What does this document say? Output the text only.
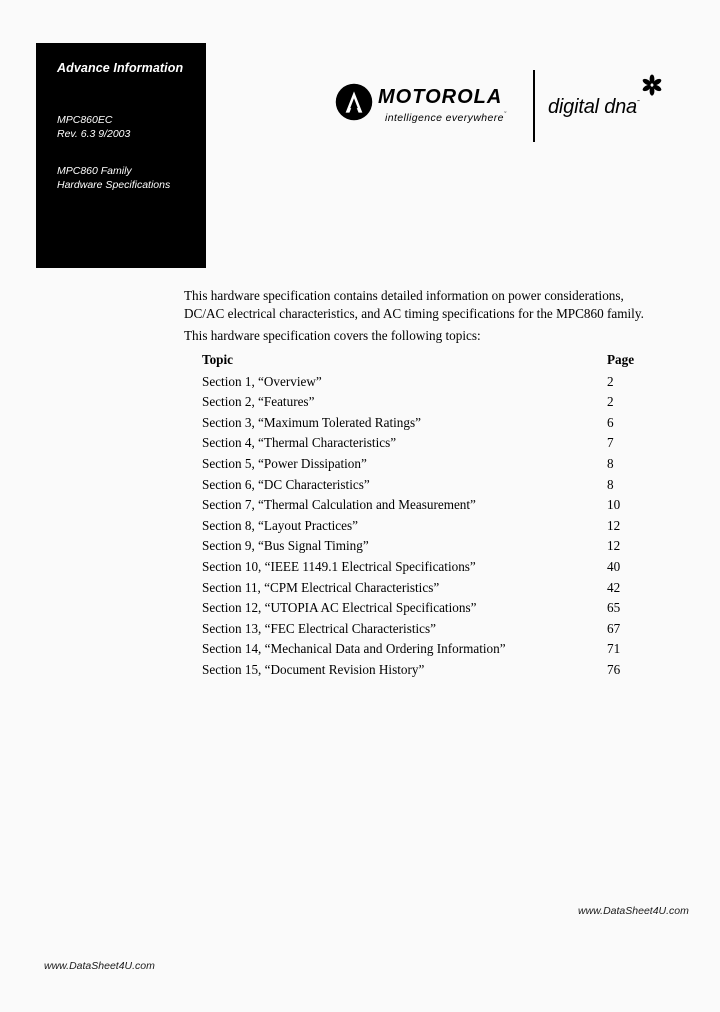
Advance Information
MPC860EC
Rev. 6.3 9/2003
MPC860 Family
Hardware Specifications
MOTOROLA
intelligence everywhere˜ digital dna˜
This hardware specification contains detailed information on power considerations, DC/AC electrical characteristics, and AC timing specifications for the MPC860 family.
This hardware specification covers the following topics:
Topic	Page
Section 1, “Overview”	2
Section 2, “Features”	2
Section 3, “Maximum Tolerated Ratings”	6
Section 4, “Thermal Characteristics”	7
Section 5, “Power Dissipation”	8
Section 6, “DC Characteristics”	8
Section 7, “Thermal Calculation and Measurement”	10
Section 8, “Layout Practices”	12
Section 9, “Bus Signal Timing”	12
Section 10, “IEEE 1149.1 Electrical Specifications”	40
Section 11, “CPM Electrical Characteristics”	42
Section 12, “UTOPIA AC Electrical Specifications”	65
Section 13, “FEC Electrical Characteristics”	67
Section 14, “Mechanical Data and Ordering Information”	71
Section 15, “Document Revision History”	76
www.DataSheet4U.com
www.DataSheet4U.com
